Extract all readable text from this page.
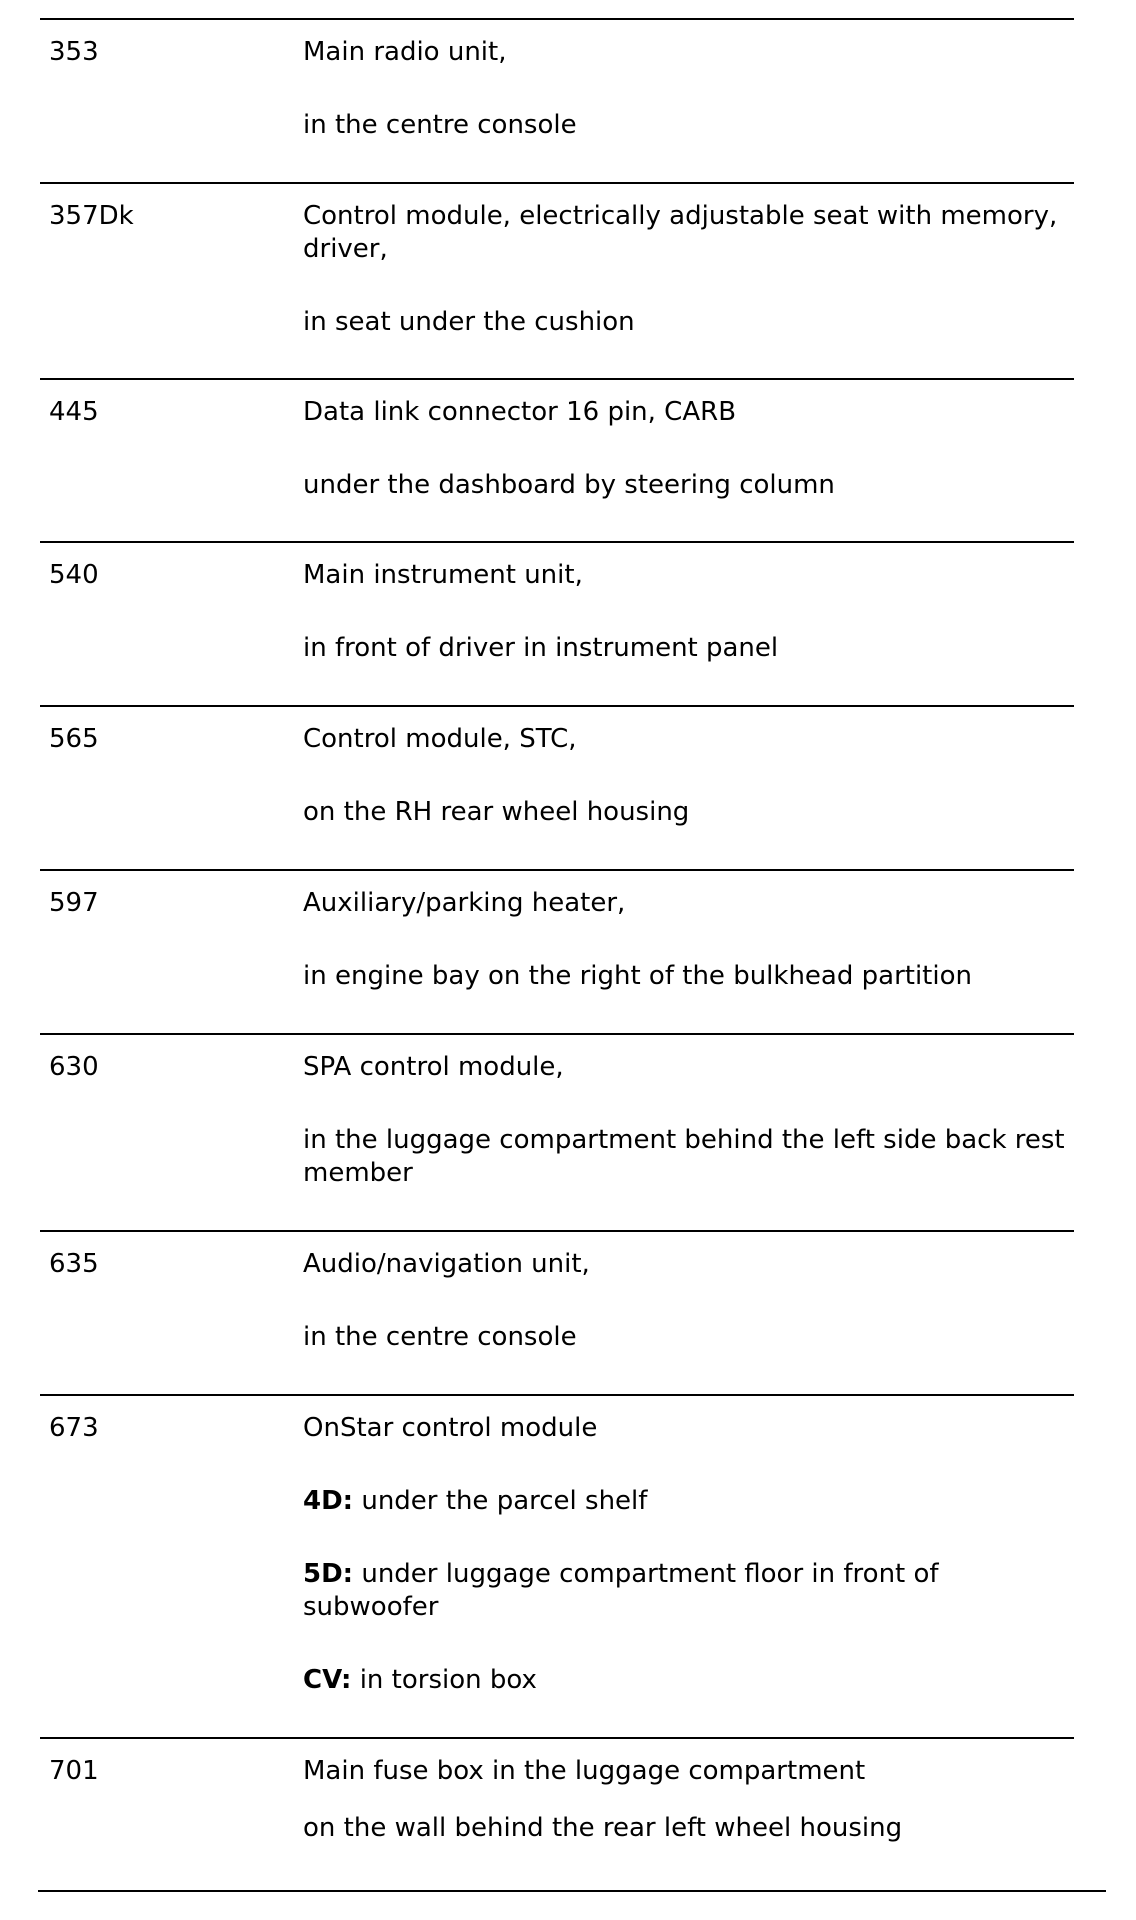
353	Main radio unit,

in the centre console

357Dk	Control module, electrically adjustable seat with memory, driver,

in seat under the cushion

445	Data link connector 16 pin, CARB

under the dashboard by steering column

540	Main instrument unit,

in front of driver in instrument panel

565	Control module, STC,

on the RH rear wheel housing

597	Auxiliary/parking heater,

in engine bay on the right of the bulkhead partition

630	SPA control module,

in the luggage compartment behind the left side back rest member

635	Audio/navigation unit,

in the centre console

673	OnStar control module

4D: under the parcel shelf

5D: under luggage compartment floor in front of subwoofer

CV: in torsion box

701	Main fuse box in the luggage compartment

on the wall behind the rear left wheel housing
